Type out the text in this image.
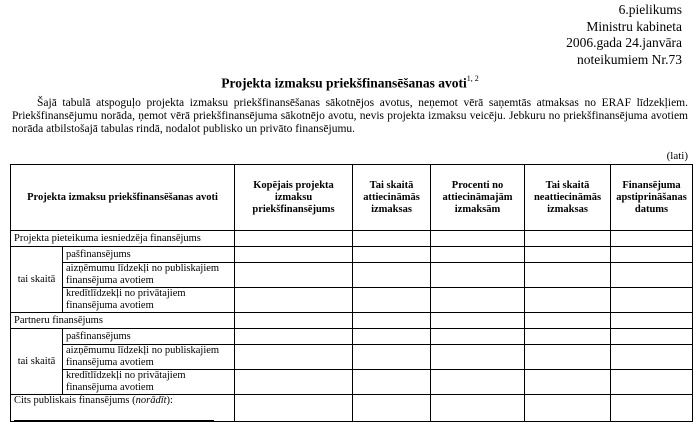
6.pielikums
Ministru kabineta
2006.gada 24.janvāra
noteikumiem Nr.73
Projekta izmaksu priekšfinansēšanas avoti$^{1, 2}$

Šajā tabulā atspoguļo projekta izmaksu priekšfinansēšanas sākotnējos avotus, neņemot vērā saņemtās atmaksas no ERAF līdzekļiem. Priekšfinansējumu norāda, ņemot vērā priekšfinansējuma sākotnējo avotu, nevis projekta izmaksu veicēju. Jebkuru no priekšfinansējuma avotiem norāda atbilstošajā tabulas rindā, nodalot publisko un privāto finansējumu.

(lati)
Projekta izmaksu priekšfinansēšanas avoti		Kopējais projekta izmaksu priekšfinansējums	Tai skaitā attiecināmās izmaksas	Procenti no attiecināmajām izmaksām	Tai skaitā neattiecināmās izmaksas	Finansējuma apstiprināšanas datums
Projekta pieteikuma iesniedzēja finansējums						
tai skaitā	pašfinansējums					
	aizņēmumu līdzekļi no publiskajiem finansējuma avotiem					
	kredītlīdzekļi no privātajiem finansējuma avotiem					
Partneru finansējums						
tai skaitā	pašfinansējums					
	aizņēmumu līdzekļi no publiskajiem finansējuma avotiem					
	kredītlīdzekļi no privātajiem finansējuma avotiem					
Cits publiskais finansējums (norādīt):	
